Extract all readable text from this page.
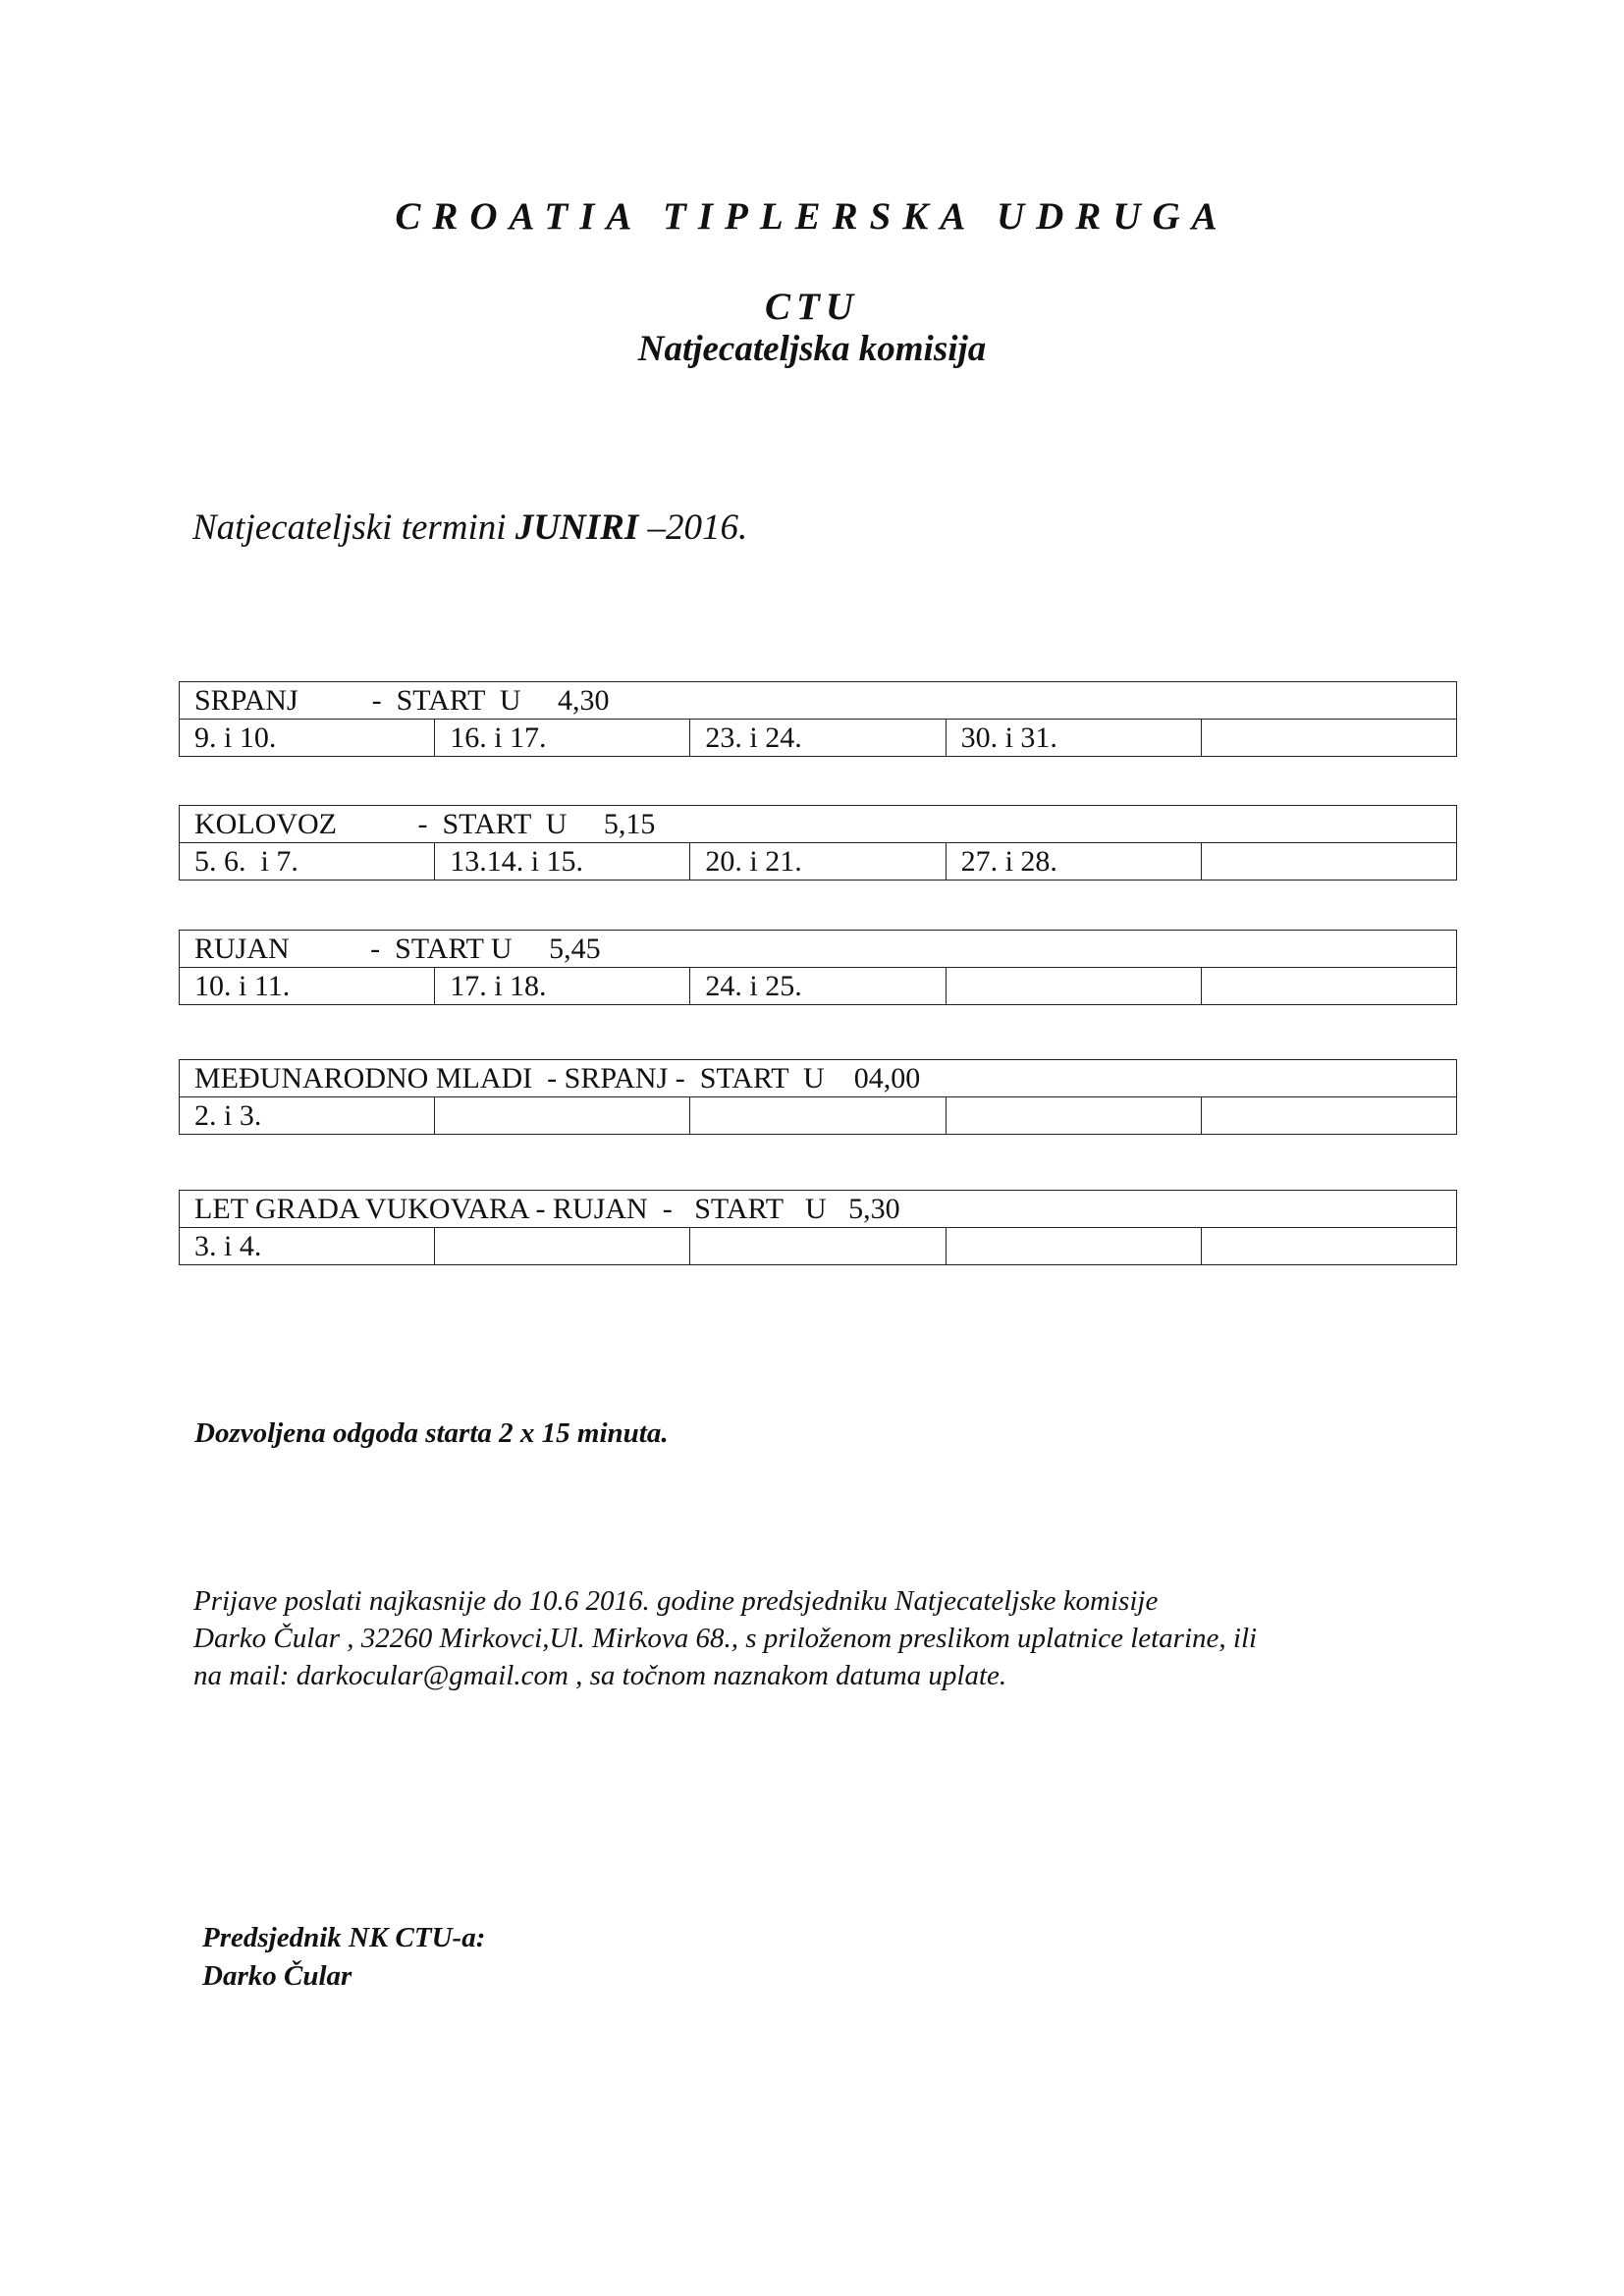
CROATIA TIPLERSKA UDRUGA
CTU
Natjecateljska komisija
Natjecateljski termini JUNIRI –2016.
SRPANJ          -  START  U     4,30
9. i 10.	16. i 17.	23. i 24.	30. i 31.	
KOLOVOZ           -  START  U     5,15
5. 6.  i 7.	13.14. i 15.	20. i 21.	27. i 28.	
RUJAN           -  START U     5,45
10. i 11.	17. i 18.	24. i 25.		
MEĐUNARODNO MLADI  - SRPANJ -  START  U    04,00
2. i 3.				
LET GRADA VUKOVARA - RUJAN  -   START   U   5,30
3. i 4.				
Dozvoljena odgoda starta 2 x 15 minuta.
Prijave poslati najkasnije do 10.6 2016. godine predsjedniku Natjecateljske komisije
Darko Čular , 32260 Mirkovci,Ul. Mirkova 68., s priloženom preslikom uplatnice letarine, ili
na mail: darkocular@gmail.com , sa točnom naznakom datuma uplate.
Predsjednik NK CTU-a:
Darko Čular
